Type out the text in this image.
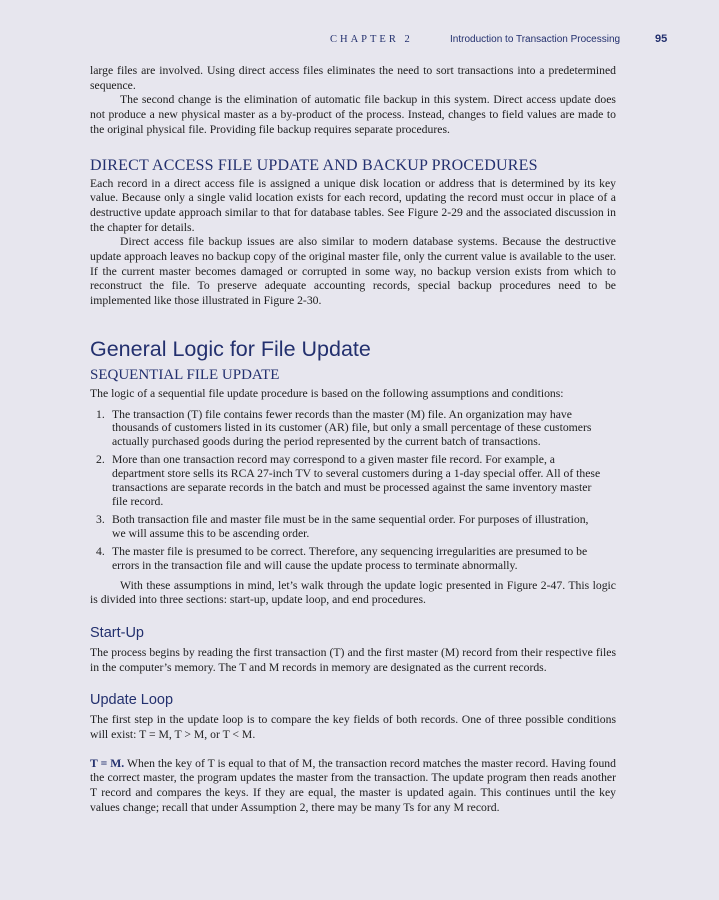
CHAPTER 2	Introduction to Transaction Processing	95

large files are involved. Using direct access files eliminates the need to sort transactions into a predetermined sequence.

The second change is the elimination of automatic file backup in this system. Direct access update does not produce a new physical master as a by-product of the process. Instead, changes to field values are made to the original physical file. Providing file backup requires separate procedures.

DIRECT ACCESS FILE UPDATE AND BACKUP PROCEDURES

Each record in a direct access file is assigned a unique disk location or address that is determined by its key value. Because only a single valid location exists for each record, updating the record must occur in place of a destructive update approach similar to that for database tables. See Figure 2-29 and the associated discussion in the chapter for details.

Direct access file backup issues are also similar to modern database systems. Because the destructive update approach leaves no backup copy of the original master file, only the current value is available to the user. If the current master becomes damaged or corrupted in some way, no backup version exists from which to reconstruct the file. To preserve adequate accounting records, special backup procedures need to be implemented like those illustrated in Figure 2-30.

General Logic for File Update
SEQUENTIAL FILE UPDATE

The logic of a sequential file update procedure is based on the following assumptions and conditions:

1. The transaction (T) file contains fewer records than the master (M) file. An organization may have thousands of customers listed in its customer (AR) file, but only a small percentage of these customers actually purchased goods during the period represented by the current batch of transactions.
2. More than one transaction record may correspond to a given master file record. For example, a department store sells its RCA 27-inch TV to several customers during a 1-day special offer. All of these transactions are separate records in the batch and must be processed against the same inventory master file record.
3. Both transaction file and master file must be in the same sequential order. For purposes of illustration, we will assume this to be ascending order.
4. The master file is presumed to be correct. Therefore, any sequencing irregularities are presumed to be errors in the transaction file and will cause the update process to terminate abnormally.

With these assumptions in mind, let’s walk through the update logic presented in Figure 2-47. This logic is divided into three sections: start-up, update loop, and end procedures.

Start-Up

The process begins by reading the first transaction (T) and the first master (M) record from their respective files in the computer’s memory. The T and M records in memory are designated as the current records.

Update Loop

The first step in the update loop is to compare the key fields of both records. One of three possible conditions will exist: T = M, T > M, or T < M.

T = M. When the key of T is equal to that of M, the transaction record matches the master record. Having found the correct master, the program updates the master from the transaction. The update program then reads another T record and compares the keys. If they are equal, the master is updated again. This continues until the key values change; recall that under Assumption 2, there may be many Ts for any M record.
